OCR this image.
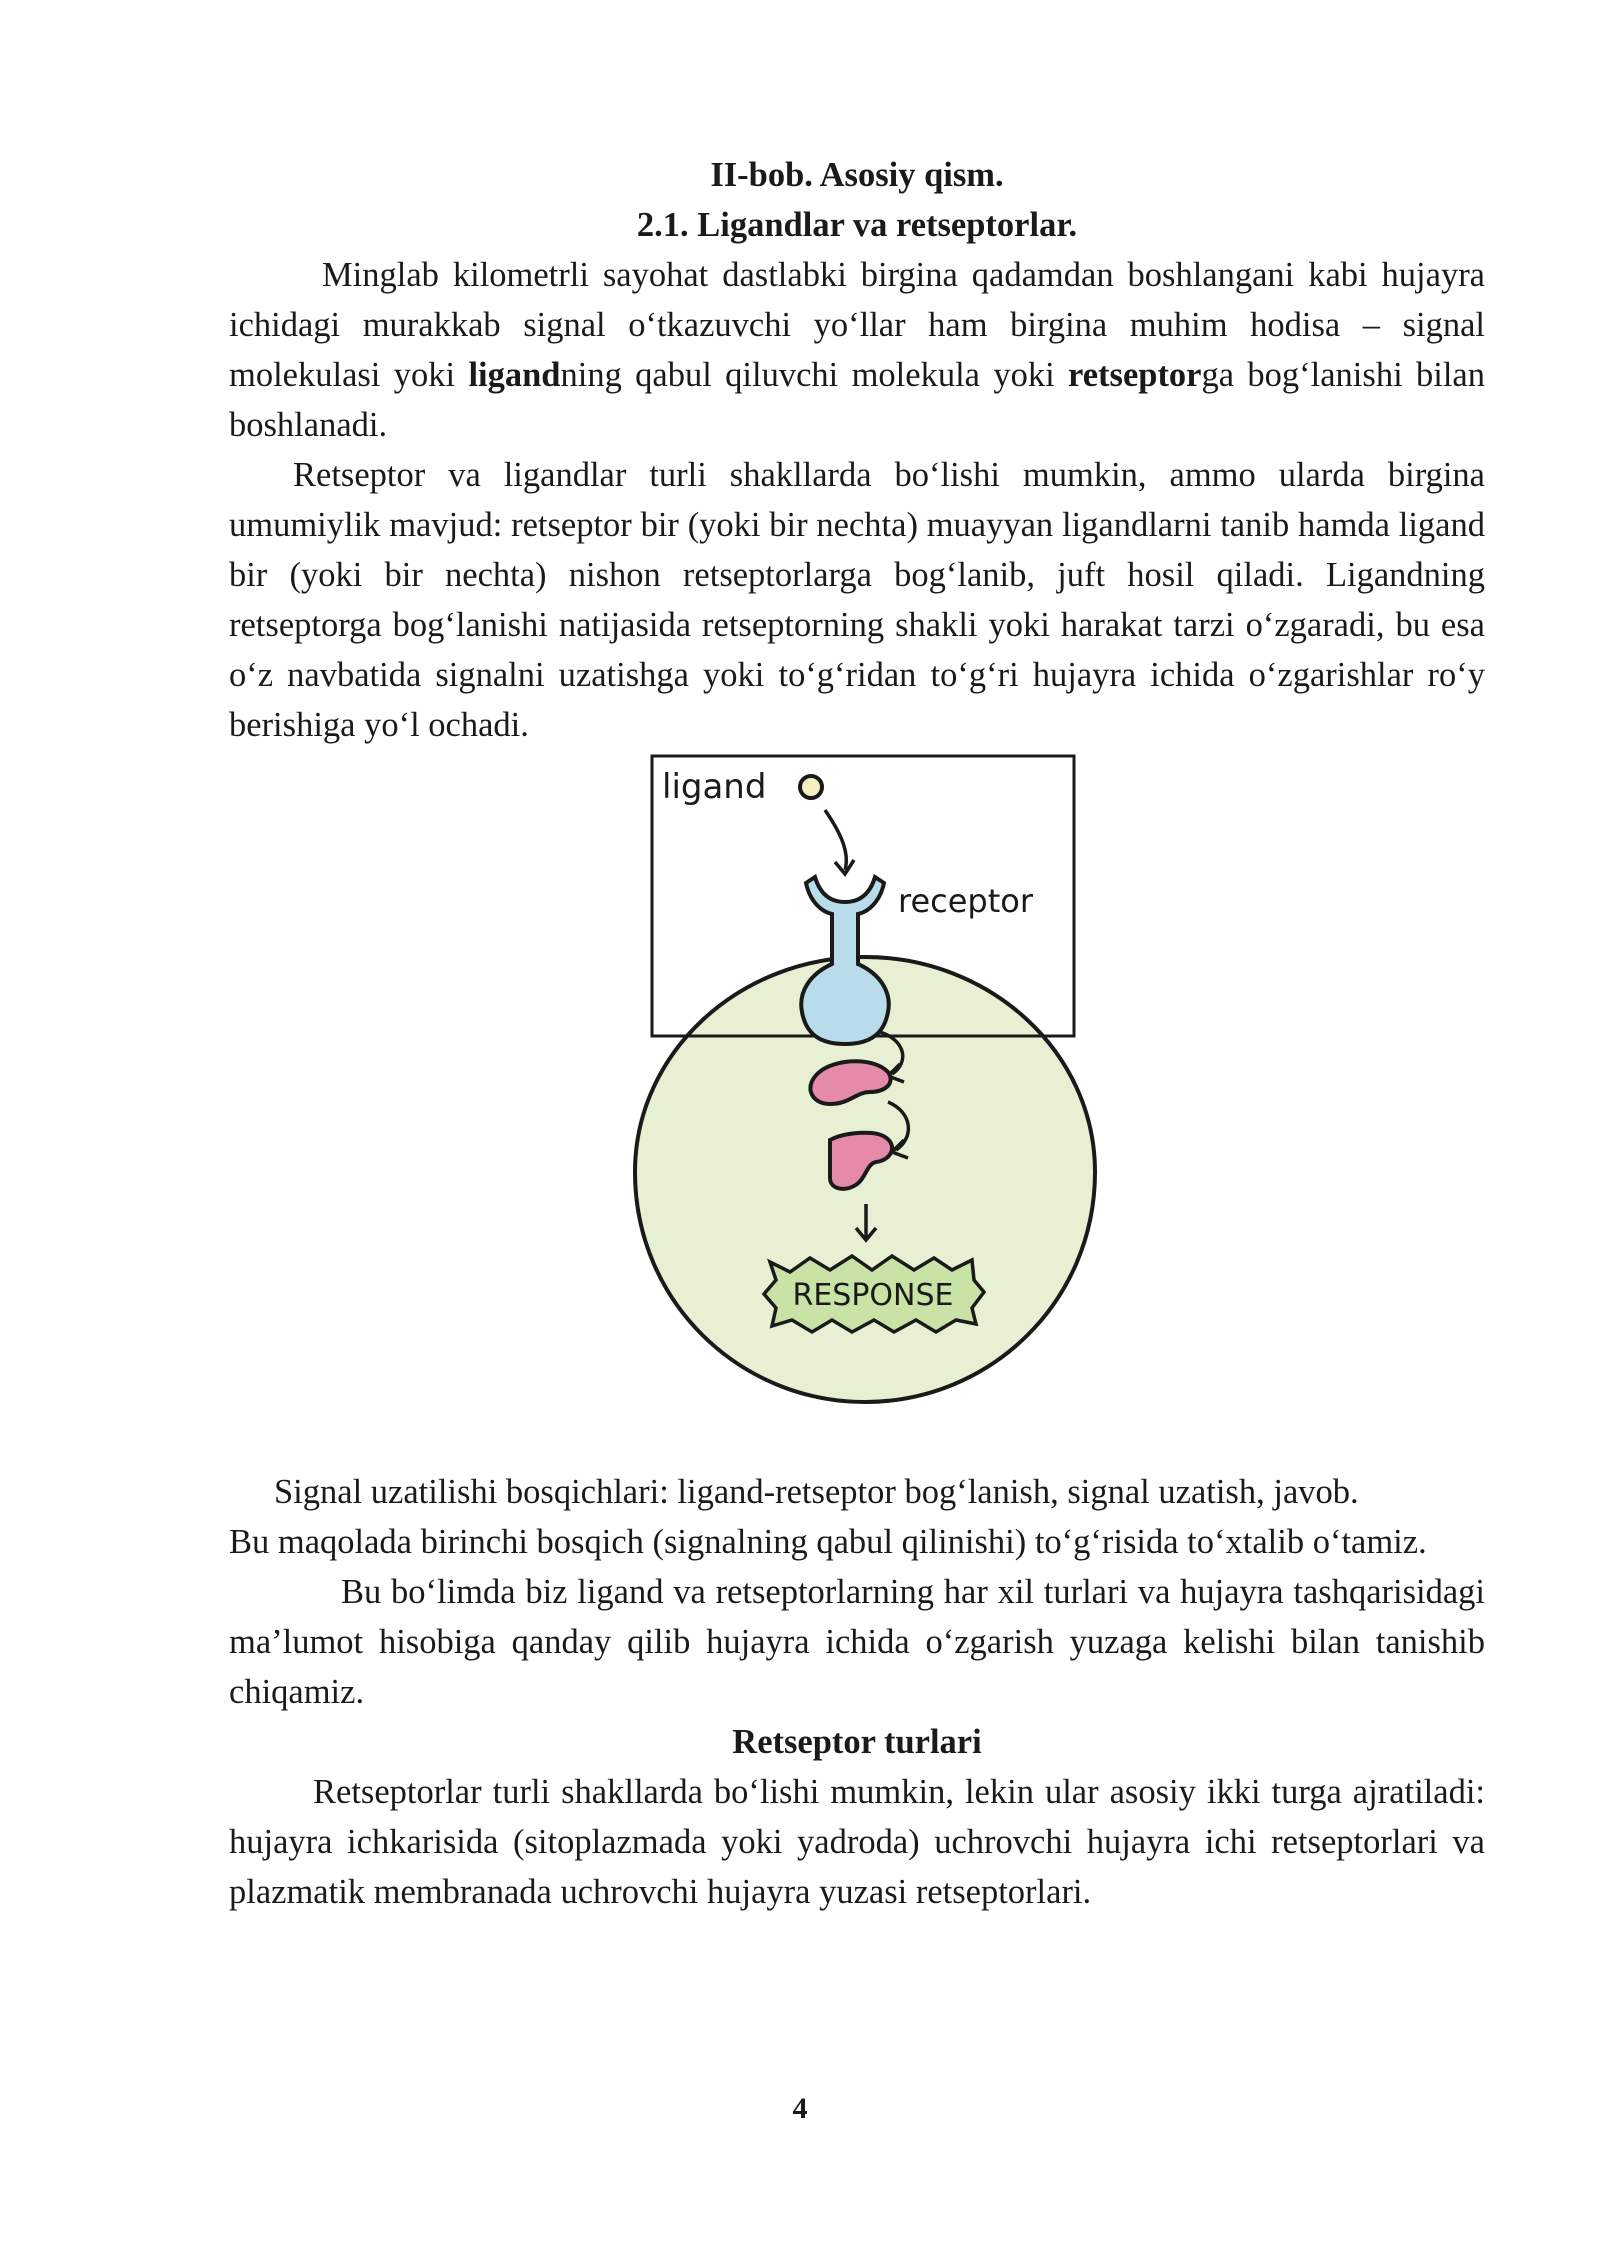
II-bob. Asosiy qism.
2.1. Ligandlar va retseptorlar.

Minglab kilometrli sayohat dastlabki birgina qadamdan boshlangani kabi hujayra ichidagi murakkab signal o‘tkazuvchi yo‘llar ham birgina muhim hodisa – signal molekulasi yoki ligandning qabul qiluvchi molekula yoki retseptorga bog‘lanishi bilan boshlanadi.

Retseptor va ligandlar turli shakllarda bo‘lishi mumkin, ammo ularda birgina umumiylik mavjud: retseptor bir (yoki bir nechta) muayyan ligandlarni tanib hamda ligand bir (yoki bir nechta) nishon retseptorlarga bog‘lanib, juft hosil qiladi. Ligandning retseptorga bog‘lanishi natijasida retseptorning shakli yoki harakat tarzi o‘zgaradi, bu esa o‘z navbatida signalni uzatishga yoki to‘g‘ridan to‘g‘ri hujayra ichida o‘zgarishlar ro‘y berishiga yo‘l ochadi.

ligand
receptor
RESPONSE

Signal uzatilishi bosqichlari: ligand-retseptor bog‘lanish, signal uzatish, javob.

Bu maqolada birinchi bosqich (signalning qabul qilinishi) to‘g‘risida to‘xtalib o‘tamiz.

Bu bo‘limda biz ligand va retseptorlarning har xil turlari va hujayra tashqarisidagi ma’lumot hisobiga qanday qilib hujayra ichida o‘zgarish yuzaga kelishi bilan tanishib chiqamiz.

Retseptor turlari

Retseptorlar turli shakllarda bo‘lishi mumkin, lekin ular asosiy ikki turga ajratiladi: hujayra ichkarisida (sitoplazmada yoki yadroda) uchrovchi hujayra ichi retseptorlari va plazmatik membranada uchrovchi hujayra yuzasi retseptorlari.

4
